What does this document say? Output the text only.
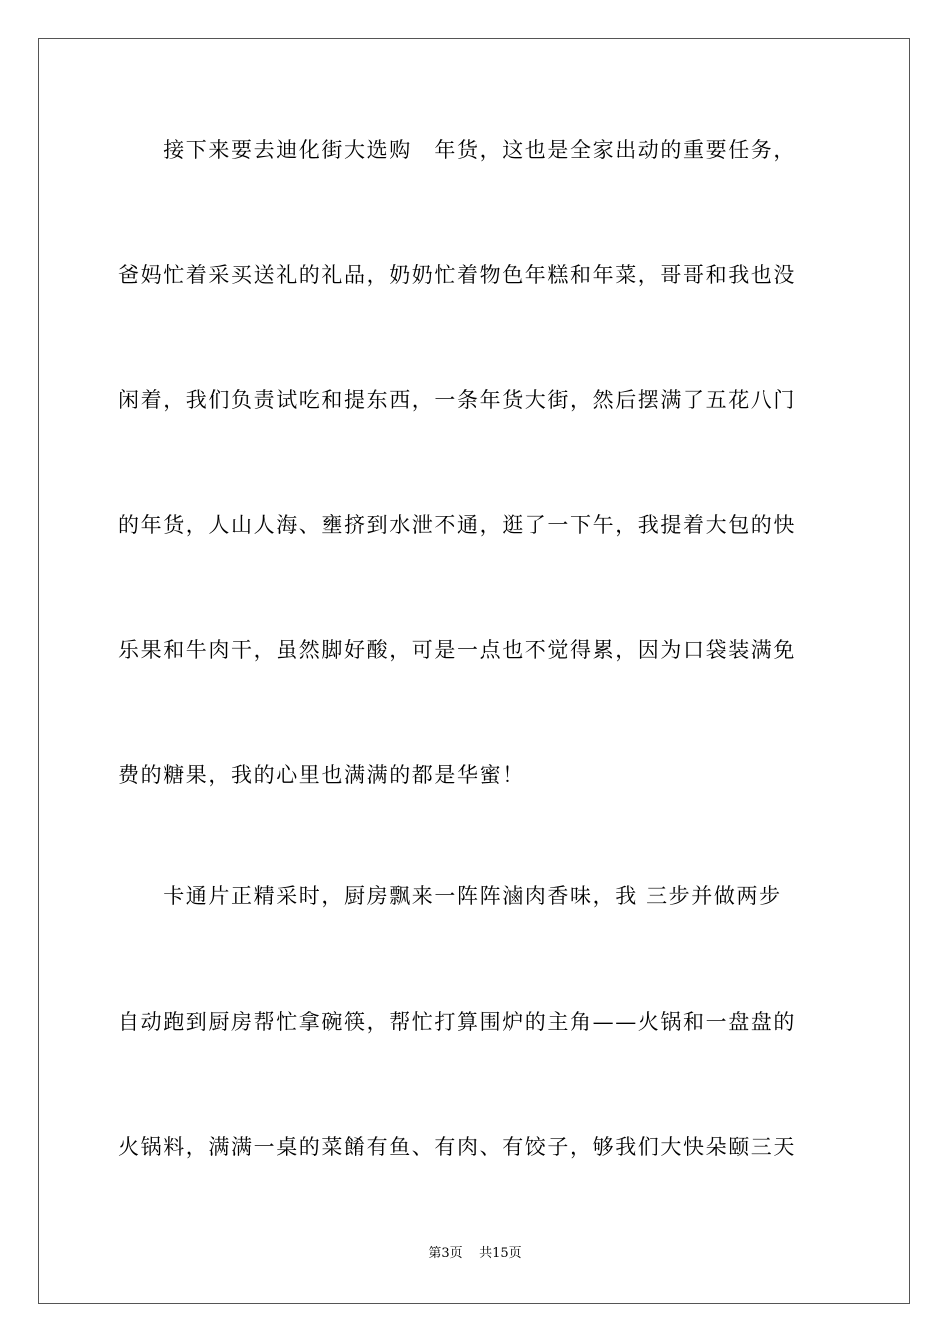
　　接下来要去迪化街大选购　年货，这也是全家出动的重要任务，
爸妈忙着采买送礼的礼品，奶奶忙着物色年糕和年菜，哥哥和我也没
闲着，我们负责试吃和提东西，一条年货大街，然后摆满了五花八门
的年货，人山人海、壅挤到水泄不通，逛了一下午，我提着大包的快
乐果和牛肉干，虽然脚好酸，可是一点也不觉得累，因为口袋装满免
费的糖果，我的心里也满满的都是华蜜！
　　卡通片正精采时，厨房飘来一阵阵滷肉香味，我 三步并做两步
自动跑到厨房帮忙拿碗筷，帮忙打算围炉的主角——火锅和一盘盘的
火锅料，满满一桌的菜餚有鱼、有肉、有饺子，够我们大快朵颐三天
第3页 共15页
